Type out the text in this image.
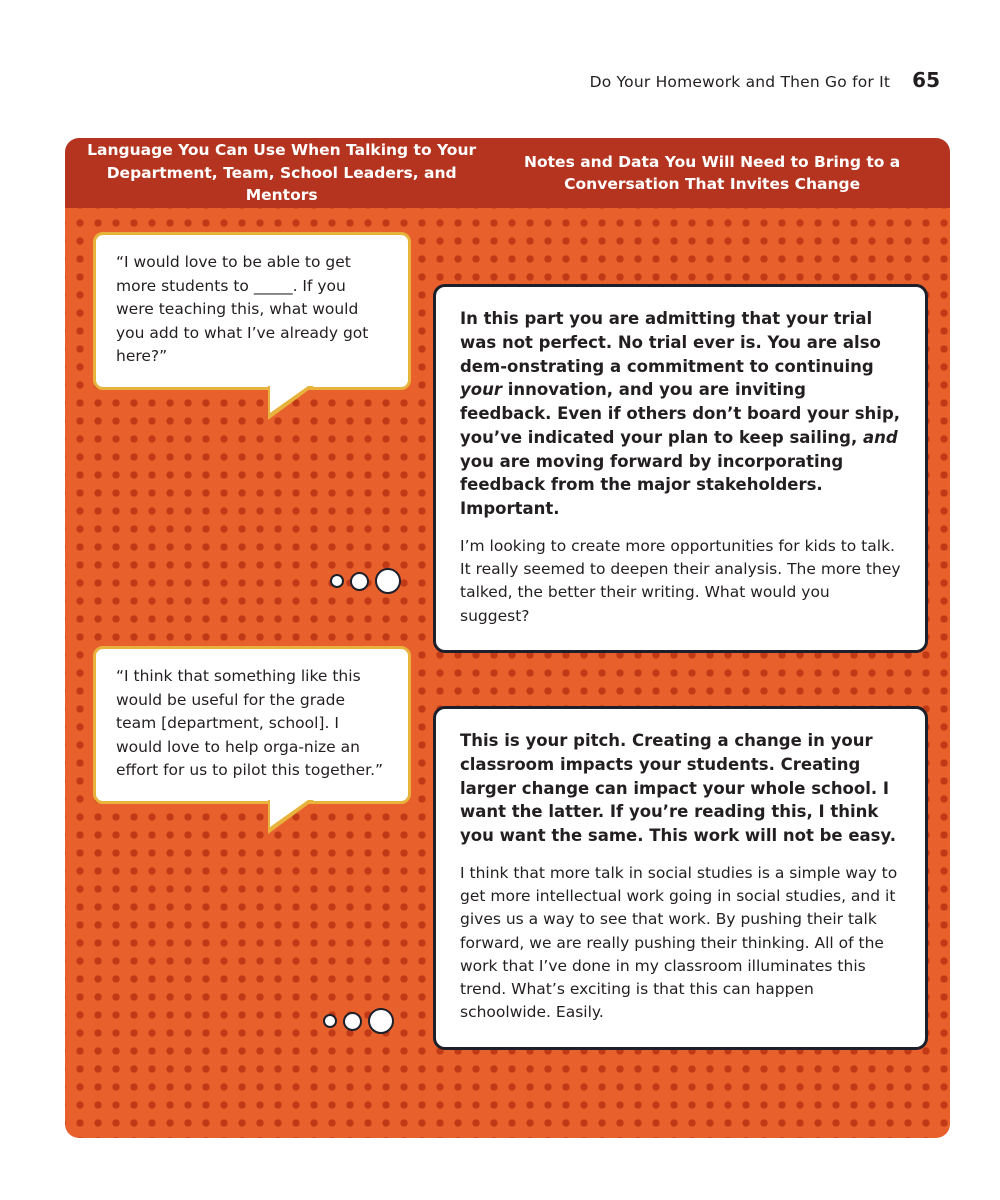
Do Your Homework and Then Go for It 65
Language You Can Use When Talking to Your Department, Team, School Leaders, and Mentors
Notes and Data You Will Need to Bring to a Conversation That Invites Change
“I would love to be able to get more students to _____. If you were teaching this, what would you add to what I’ve already got here?”
“I think that something like this would be useful for the grade team [department, school]. I would love to help orga-nize an effort for us to pilot this together.”

In this part you are admitting that your trial was not perfect. No trial ever is. You are also dem-onstrating a commitment to continuing your innovation, and you are inviting feedback. Even if others don’t board your ship, you’ve indicated your plan to keep sailing, and you are moving forward by incorporating feedback from the major stakeholders. Important.

I’m looking to create more opportunities for kids to talk. It really seemed to deepen their analysis. The more they talked, the better their writing. What would you suggest?

This is your pitch. Creating a change in your classroom impacts your students. Creating larger change can impact your whole school. I want the latter. If you’re reading this, I think you want the same. This work will not be easy.

I think that more talk in social studies is a simple way to get more intellectual work going in social studies, and it gives us a way to see that work. By pushing their talk forward, we are really pushing their thinking. All of the work that I’ve done in my classroom illuminates this trend. What’s exciting is that this can happen schoolwide. Easily.
